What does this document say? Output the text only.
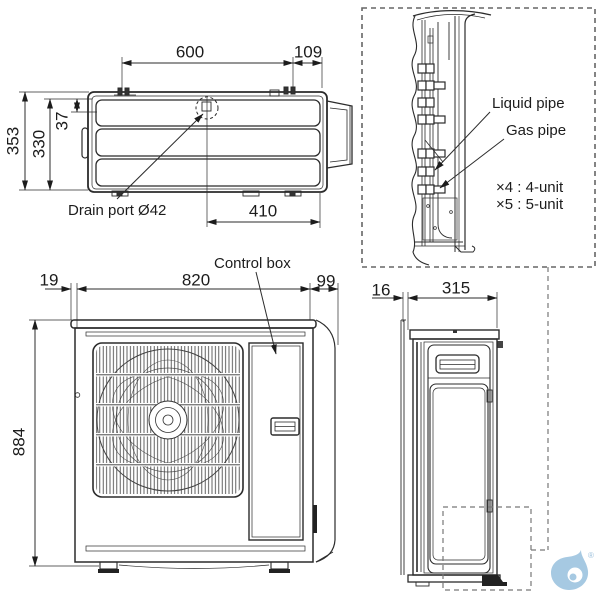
®
600	109
353 330
37
410
Drain port Ø42
Liquid pipe
Gas pipe
×4 : 4-unit
×5 : 5-unit
19	820	99
884
Control box
16	315
